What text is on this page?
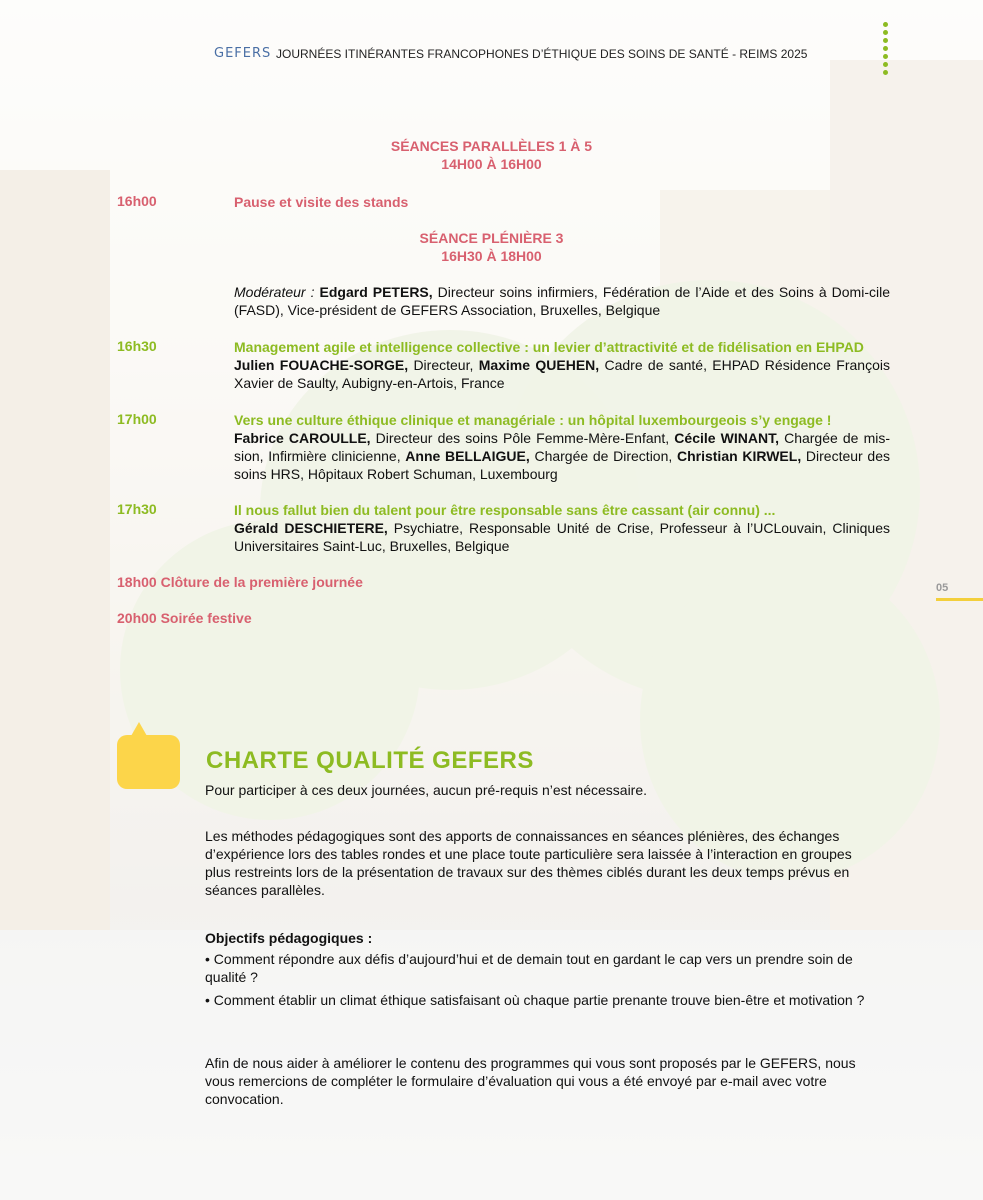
GEFERS JOURNÉES ITINÉRANTES FRANCOPHONES D’ÉTHIQUE DES SOINS DE SANTÉ - REIMS 2025
SÉANCES PARALLÈLES 1 À 5
14H00 À 16H00
16h00	Pause et visite des stands
SÉANCE PLÉNIÈRE 3
16H30 À 18H00
Modérateur : Edgard PETERS, Directeur soins infirmiers, Fédération de l’Aide et des Soins à Domi-cile (FASD), Vice-président de GEFERS Association, Bruxelles, Belgique
16h30	Management agile et intelligence collective : un levier d’attractivité et de fidélisation en EHPAD

Julien FOUACHE-SORGE, Directeur, Maxime QUEHEN, Cadre de santé, EHPAD Résidence François Xavier de Saulty, Aubigny-en-Artois, France

17h00	Vers une culture éthique clinique et managériale : un hôpital luxembourgeois s’y engage !

Fabrice CAROULLE, Directeur des soins Pôle Femme-Mère-Enfant, Cécile WINANT, Chargée de mis-sion, Infirmière clinicienne, Anne BELLAIGUE, Chargée de Direction, Christian KIRWEL, Directeur des soins HRS, Hôpitaux Robert Schuman, Luxembourg

17h30	Il nous fallut bien du talent pour être responsable sans être cassant (air connu) ...

Gérald DESCHIETERE, Psychiatre, Responsable Unité de Crise, Professeur à l’UCLouvain, Cliniques Universitaires Saint-Luc, Bruxelles, Belgique

18h00 Clôture de la première journée
20h00 Soirée festive
05
CHARTE QUALITÉ GEFERS
Pour participer à ces deux journées, aucun pré-requis n’est nécessaire.
Les méthodes pédagogiques sont des apports de connaissances en séances plénières, des échanges d’expérience lors des tables rondes et une place toute particulière sera laissée à l’interaction en groupes plus restreints lors de la présentation de travaux sur des thèmes ciblés durant les deux temps prévus en séances parallèles.
Objectifs pédagogiques :
• Comment répondre aux défis d’aujourd’hui et de demain tout en gardant le cap vers un prendre soin de qualité ?
• Comment établir un climat éthique satisfaisant où chaque partie prenante trouve bien-être et motivation ?
Afin de nous aider à améliorer le contenu des programmes qui vous sont proposés par le GEFERS, nous vous remercions de compléter le formulaire d’évaluation qui vous a été envoyé par e-mail avec votre convocation.
